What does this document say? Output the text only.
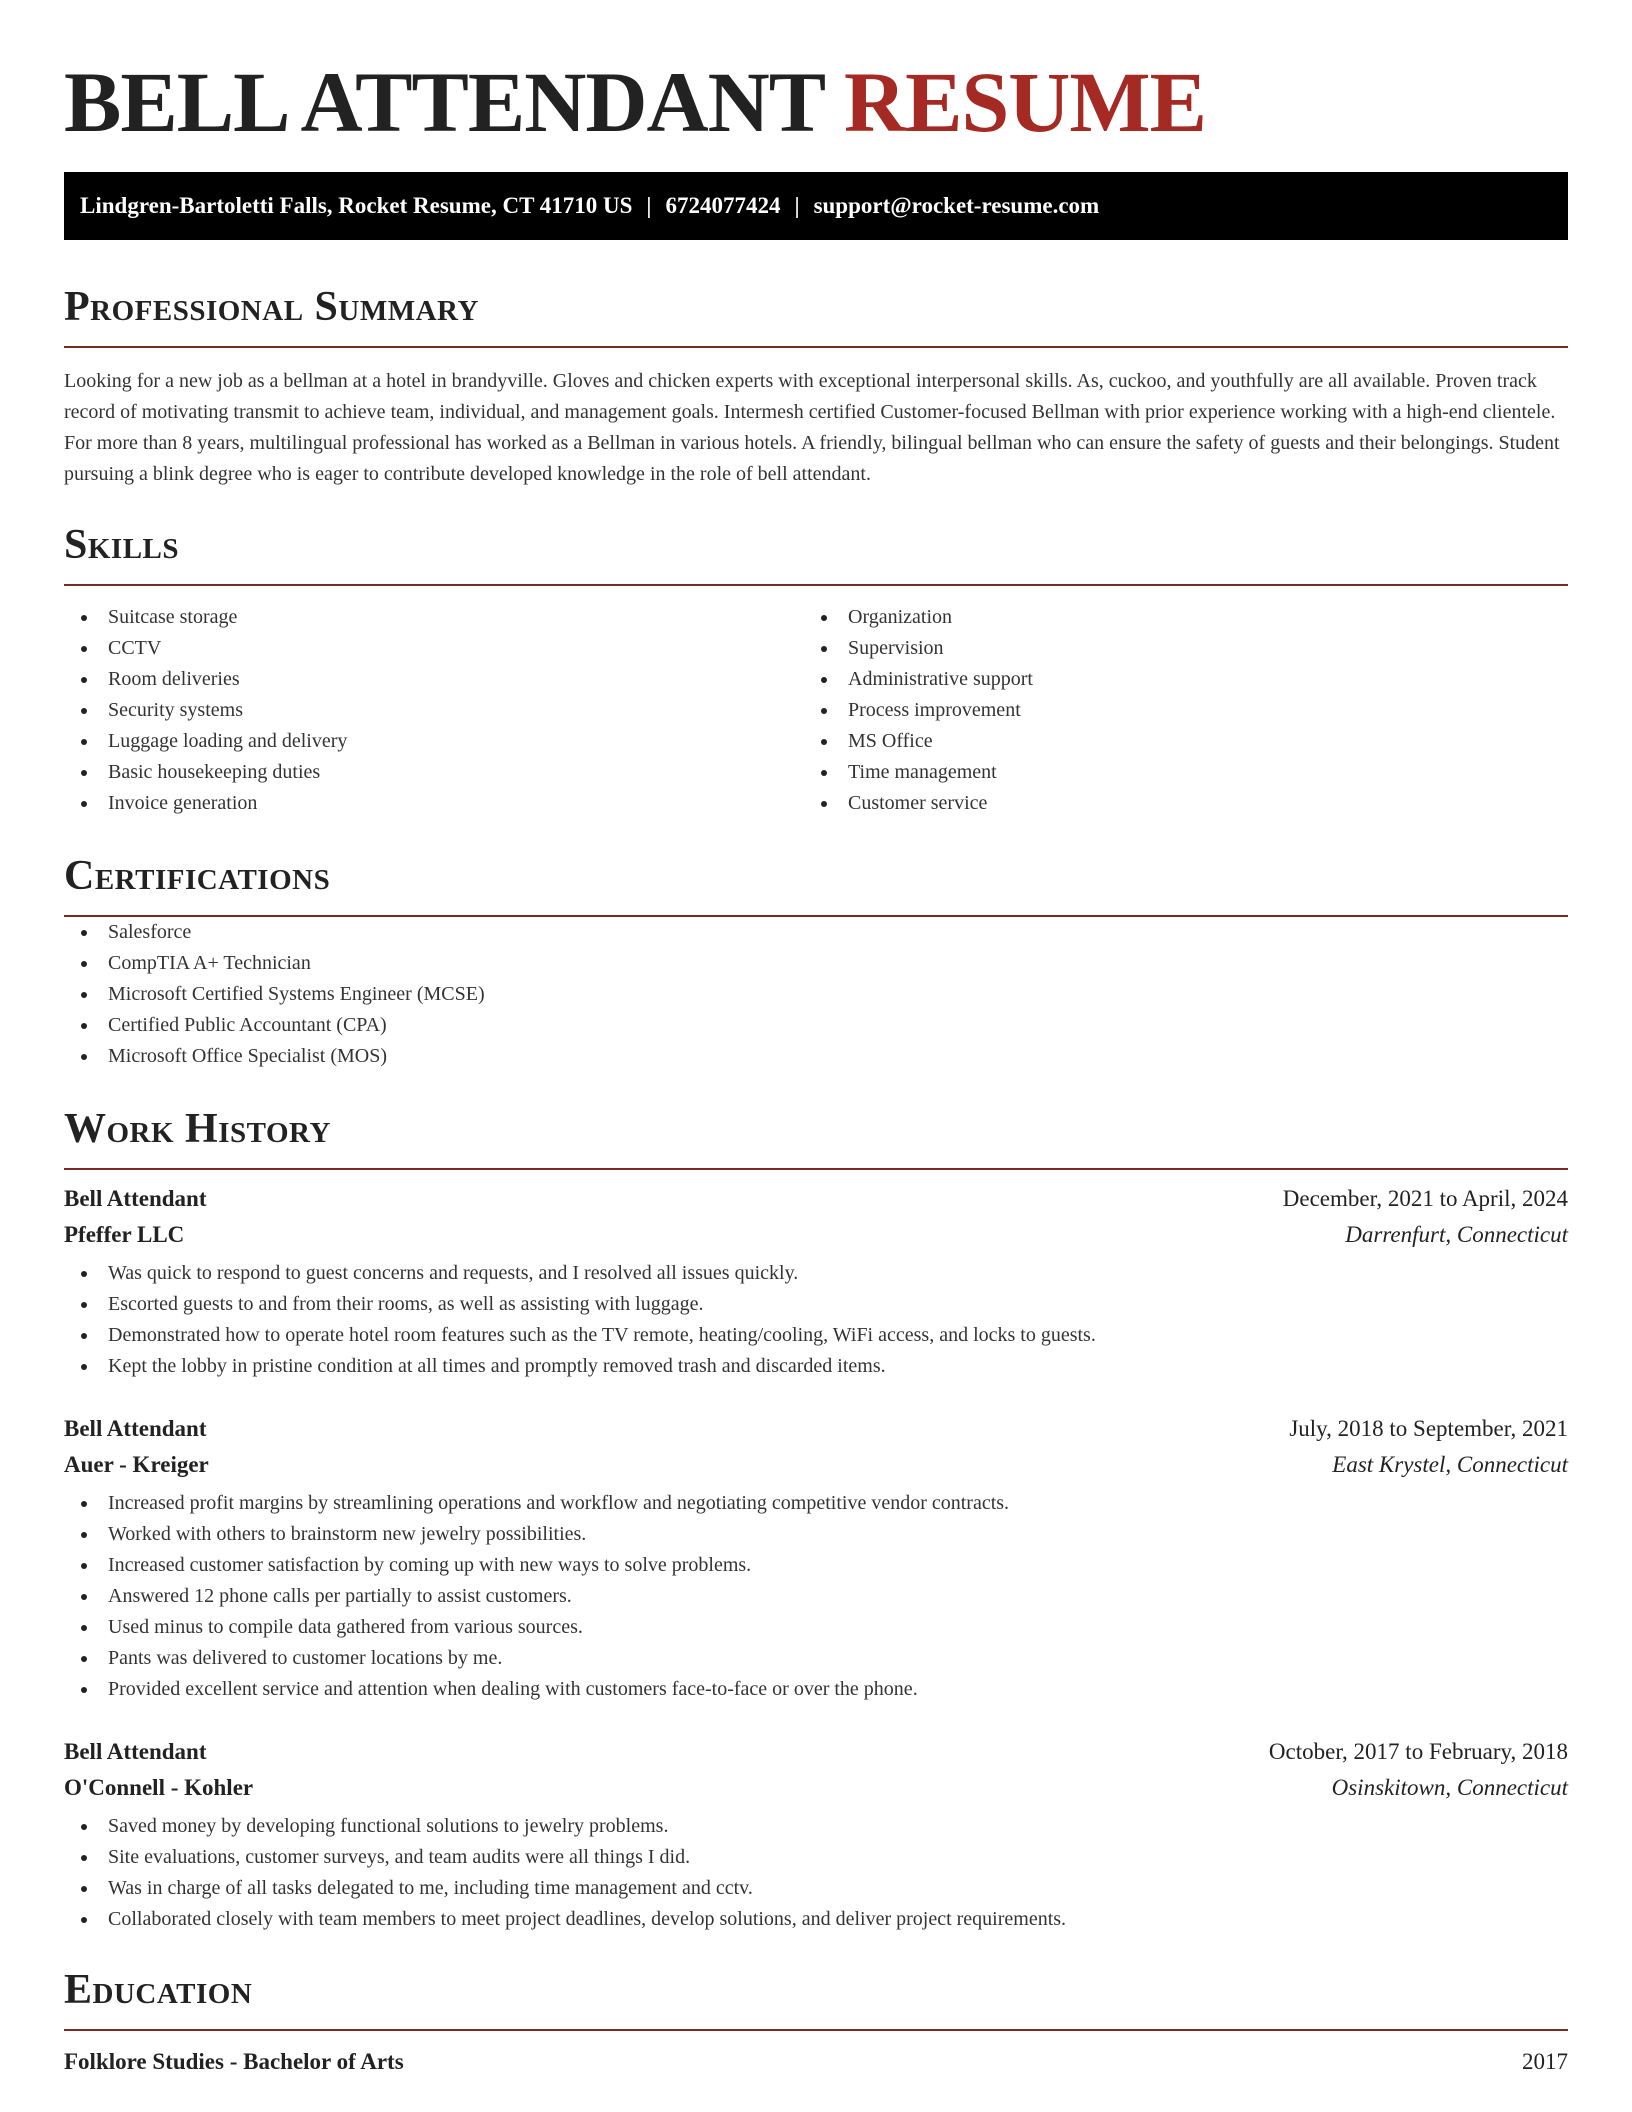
BELL ATTENDANT RESUME
Lindgren-Bartoletti Falls, Rocket Resume, CT 41710 US | 6724077424 | support@rocket-resume.com
Professional Summary

Looking for a new job as a bellman at a hotel in brandyville. Gloves and chicken experts with exceptional interpersonal skills. As, cuckoo, and youthfully are all available. Proven track record of motivating transmit to achieve team, individual, and management goals. Intermesh certified Customer-focused Bellman with prior experience working with a high-end clientele. For more than 8 years, multilingual professional has worked as a Bellman in various hotels. A friendly, bilingual bellman who can ensure the safety of guests and their belongings. Student pursuing a blink degree who is eager to contribute developed knowledge in the role of bell attendant.

Skills
Suitcase storage
CCTV
Room deliveries
Security systems
Luggage loading and delivery
Basic housekeeping duties
Invoice generation
Organization
Supervision
Administrative support
Process improvement
MS Office
Time management
Customer service
Certifications
Salesforce
CompTIA A+ Technician
Microsoft Certified Systems Engineer (MCSE)
Certified Public Accountant (CPA)
Microsoft Office Specialist (MOS)
Work History
Bell Attendant	December, 2021 to April, 2024
Pfeffer LLC	Darrenfurt, Connecticut
Was quick to respond to guest concerns and requests, and I resolved all issues quickly.
Escorted guests to and from their rooms, as well as assisting with luggage.
Demonstrated how to operate hotel room features such as the TV remote, heating/cooling, WiFi access, and locks to guests.
Kept the lobby in pristine condition at all times and promptly removed trash and discarded items.
Bell Attendant	July, 2018 to September, 2021
Auer - Kreiger	East Krystel, Connecticut
Increased profit margins by streamlining operations and workflow and negotiating competitive vendor contracts.
Worked with others to brainstorm new jewelry possibilities.
Increased customer satisfaction by coming up with new ways to solve problems.
Answered 12 phone calls per partially to assist customers.
Used minus to compile data gathered from various sources.
Pants was delivered to customer locations by me.
Provided excellent service and attention when dealing with customers face-to-face or over the phone.
Bell Attendant	October, 2017 to February, 2018
O'Connell - Kohler	Osinskitown, Connecticut
Saved money by developing functional solutions to jewelry problems.
Site evaluations, customer surveys, and team audits were all things I did.
Was in charge of all tasks delegated to me, including time management and cctv.
Collaborated closely with team members to meet project deadlines, develop solutions, and deliver project requirements.
Education
Folklore Studies - Bachelor of Arts	2017
